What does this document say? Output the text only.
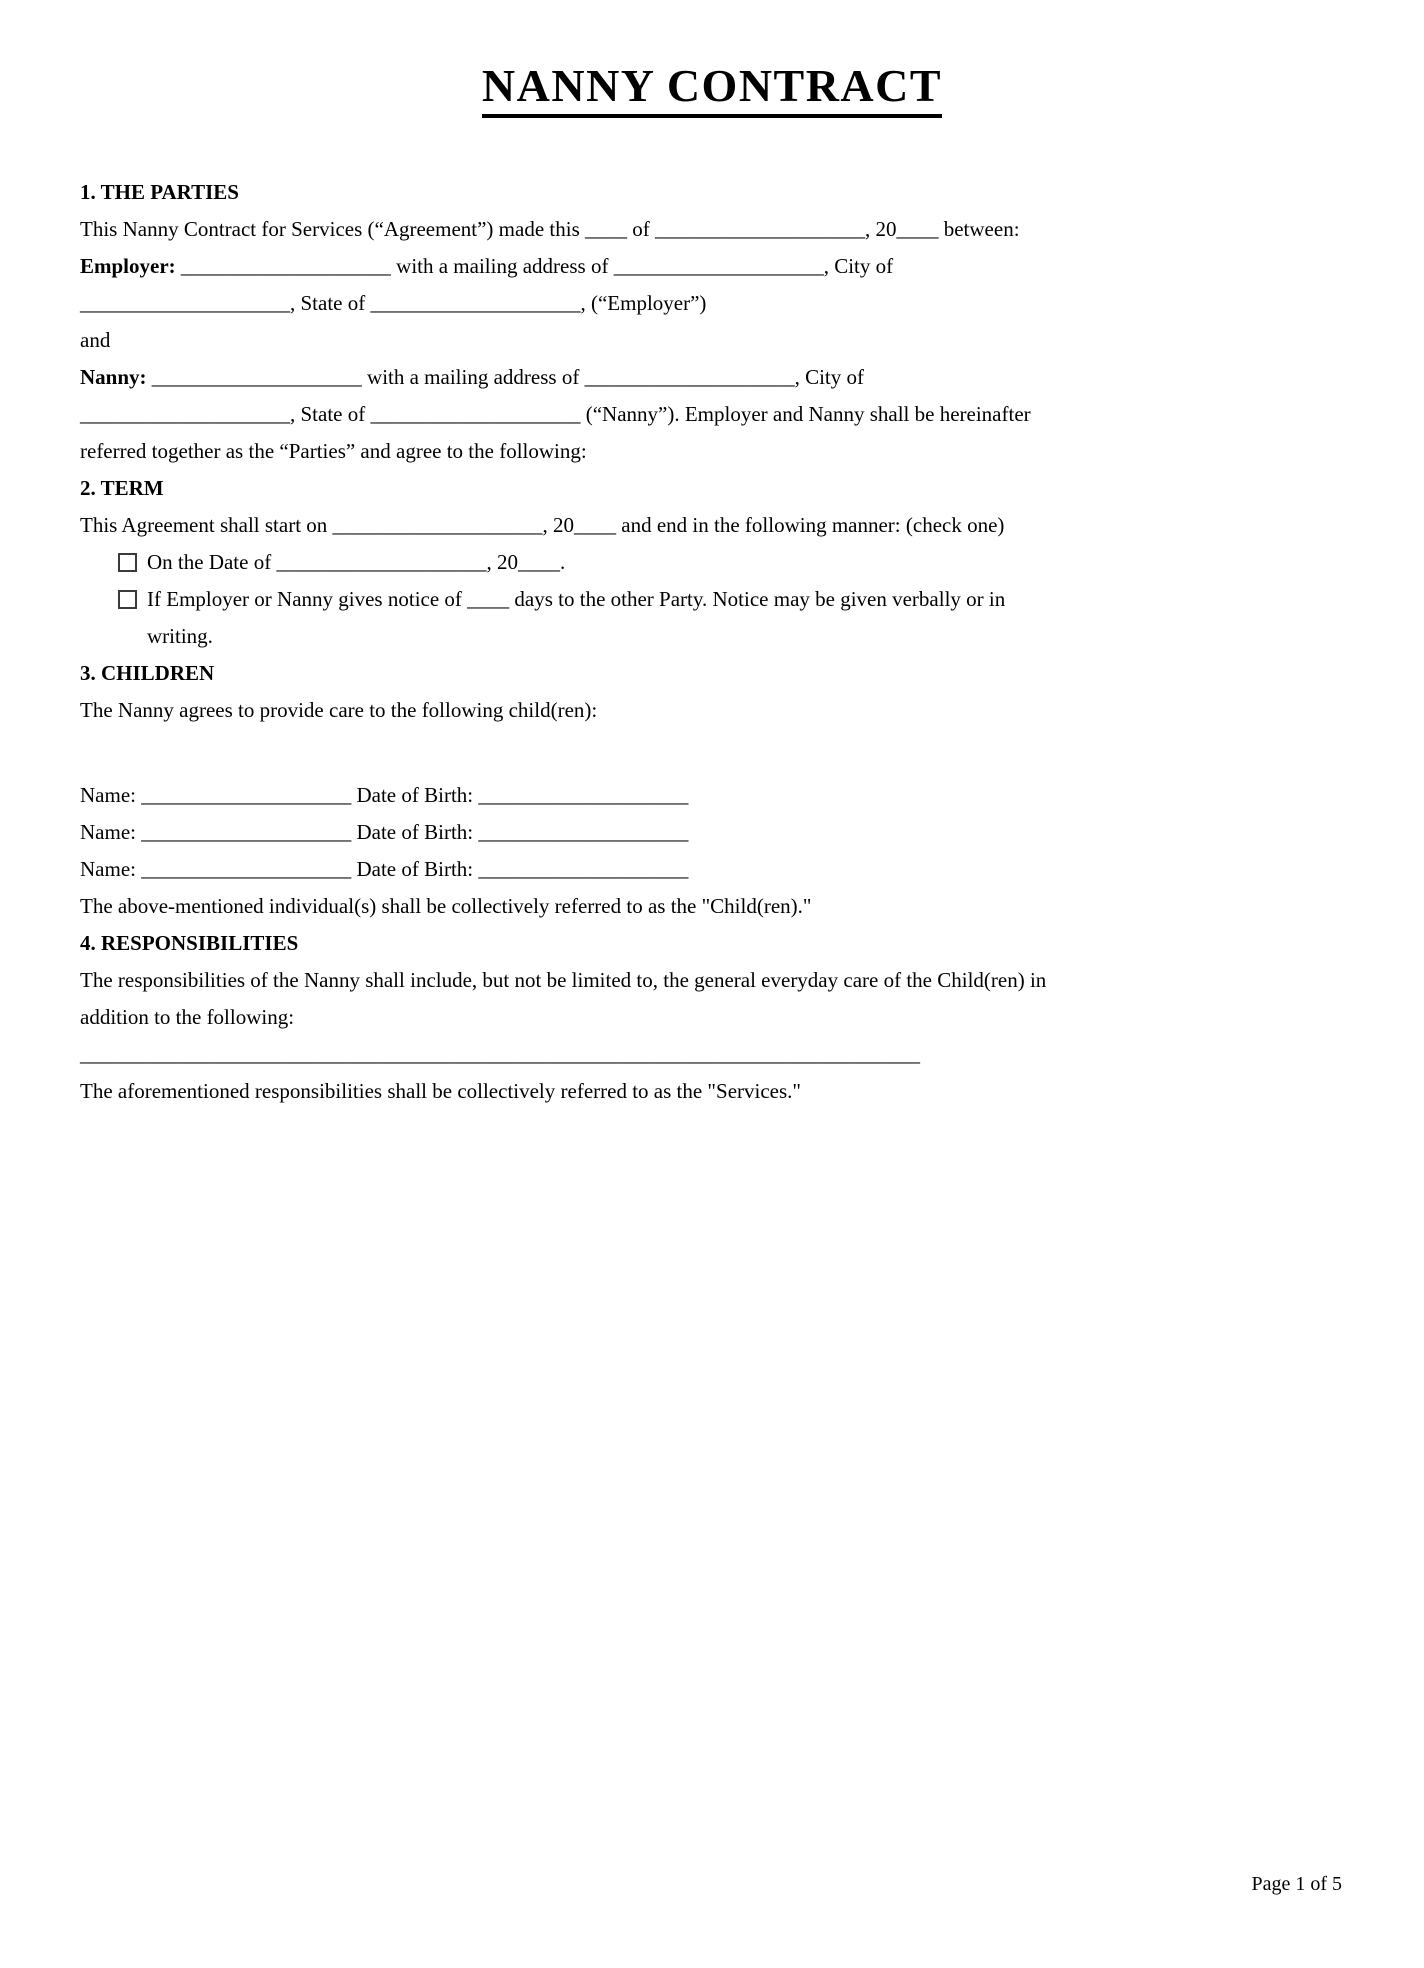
NANNY CONTRACT
1. THE PARTIES

This Nanny Contract for Services (“Agreement”) made this ____ of ____________________, 20____ between:

Employer: ____________________ with a mailing address of ____________________, City of ____________________, State of ____________________, (“Employer”)

and

Nanny: ____________________ with a mailing address of ____________________, City of ____________________, State of ____________________ (“Nanny”). Employer and Nanny shall be hereinafter referred together as the “Parties” and agree to the following:

2. TERM

This Agreement shall start on ____________________, 20____ and end in the following manner: (check one)

On the Date of ____________________, 20____.
If Employer or Nanny gives notice of ____ days to the other Party. Notice may be given verbally or in writing.
3. CHILDREN

The Nanny agrees to provide care to the following child(ren):

Name: ____________________ Date of Birth: ____________________

Name: ____________________ Date of Birth: ____________________

Name: ____________________ Date of Birth: ____________________

The above-mentioned individual(s) shall be collectively referred to as the "Child(ren)."

4. RESPONSIBILITIES

The responsibilities of the Nanny shall include, but not be limited to, the general everyday care of the Child(ren) in addition to the following:

________________________________________________________________________________

The aforementioned responsibilities shall be collectively referred to as the "Services."

Page 1 of 5
